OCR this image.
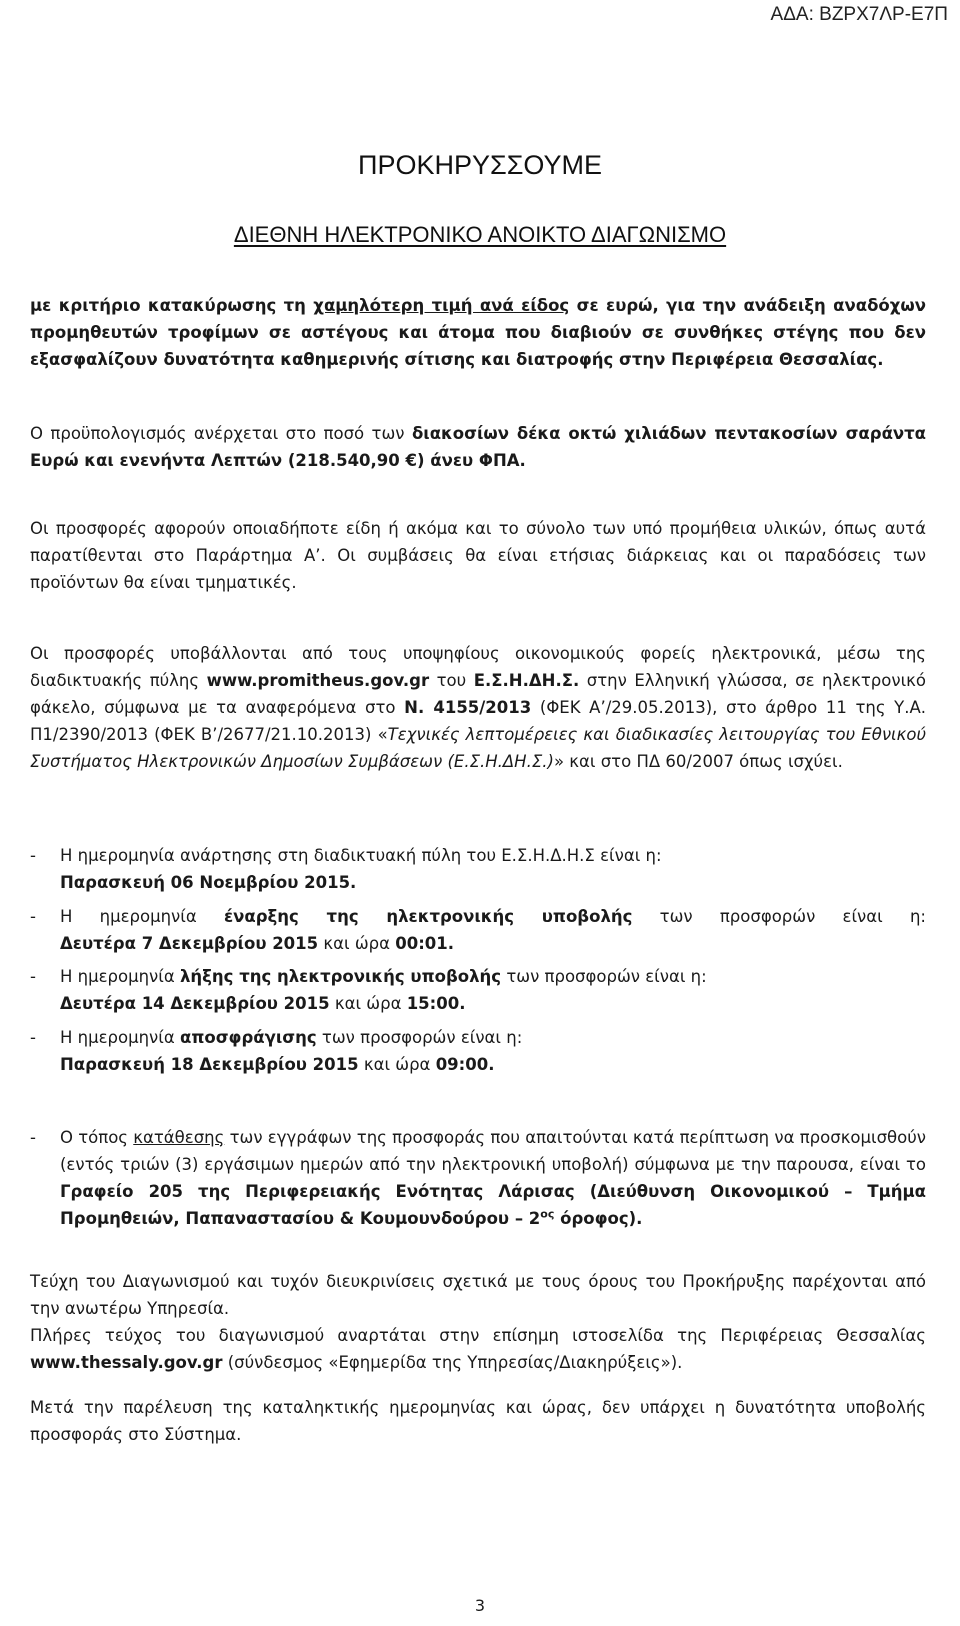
ΑΔΑ: ΒΖΡΧ7ΛΡ-Ε7Π
ΠΡΟΚΗΡΥΣΣΟΥΜΕ
ΔΙΕΘΝΗ ΗΛΕΚΤΡΟΝΙΚΟ ΑΝΟΙΚΤΟ ΔΙΑΓΩΝΙΣΜΟ

με κριτήριο κατακύρωσης τη χαμηλότερη τιμή ανά είδος σε ευρώ, για την ανάδειξη αναδόχων προμηθευτών τροφίμων σε αστέγους και άτομα που διαβιούν σε συνθήκες στέγης που δεν εξασφαλίζουν δυνατότητα καθημερινής σίτισης και διατροφής στην Περιφέρεια Θεσσαλίας.

Ο προϋπολογισμός ανέρχεται στο ποσό των διακοσίων δέκα οκτώ χιλιάδων πεντακοσίων σαράντα Ευρώ και ενενήντα Λεπτών (218.540,90 €) άνευ ΦΠΑ.

Οι προσφορές αφορούν οποιαδήποτε είδη ή ακόμα και το σύνολο των υπό προμήθεια υλικών, όπως αυτά παρατίθενται στο Παράρτημα Α’. Οι συμβάσεις θα είναι ετήσιας διάρκειας και οι παραδόσεις των προϊόντων θα είναι τμηματικές.

Οι προσφορές υποβάλλονται από τους υποψηφίους οικονομικούς φορείς ηλεκτρονικά, μέσω της διαδικτυακής πύλης www.promitheus.gov.gr του Ε.Σ.Η.ΔΗ.Σ. στην Ελληνική γλώσσα, σε ηλεκτρονικό φάκελο, σύμφωνα με τα αναφερόμενα στο Ν. 4155/2013 (ΦΕΚ Α’/29.05.2013), στο άρθρο 11 της Υ.Α. Π1/2390/2013 (ΦΕΚ Β’/2677/21.10.2013) «Τεχνικές λεπτομέρειες και διαδικασίες λειτουργίας του Εθνικού Συστήματος Ηλεκτρονικών Δημοσίων Συμβάσεων (Ε.Σ.Η.ΔΗ.Σ.)» και στο ΠΔ 60/2007 όπως ισχύει.

- Η ημερομηνία ανάρτησης στη διαδικτυακή πύλη του Ε.Σ.Η.Δ.Η.Σ είναι η:
Παρασκευή 06 Νοεμβρίου 2015.
- Η ημερομηνία έναρξης της ηλεκτρονικής υποβολής των προσφορών είναι η:
Δευτέρα 7 Δεκεμβρίου 2015 και ώρα 00:01.
- Η ημερομηνία λήξης της ηλεκτρονικής υποβολής των προσφορών είναι η:
Δευτέρα 14 Δεκεμβρίου 2015 και ώρα 15:00.
- Η ημερομηνία αποσφράγισης των προσφορών είναι η:
Παρασκευή 18 Δεκεμβρίου 2015 και ώρα 09:00.
- Ο τόπος κατάθεσης των εγγράφων της προσφοράς που απαιτούνται κατά περίπτωση να προσκομισθούν (εντός τριών (3) εργάσιμων ημερών από την ηλεκτρονική υποβολή) σύμφωνα με την παρουσα, είναι το Γραφείο 205 της Περιφερειακής Ενότητας Λάρισας (Διεύθυνση Οικονομικού – Τμήμα Προμηθειών, Παπαναστασίου & Κουμουνδούρου – $2^{o\varsigma}$ όροφος).

Τεύχη του Διαγωνισμού και τυχόν διευκρινίσεις σχετικά με τους όρους του Προκήρυξης παρέχονται από την ανωτέρω Υπηρεσία.

Πλήρες τεύχος του διαγωνισμού αναρτάται στην επίσημη ιστοσελίδα της Περιφέρειας Θεσσαλίας www.thessaly.gov.gr (σύνδεσμος «Εφημερίδα της Υπηρεσίας/Διακηρύξεις»).

Μετά την παρέλευση της καταληκτικής ημερομηνίας και ώρας, δεν υπάρχει η δυνατότητα υποβολής προσφοράς στο Σύστημα.

3
